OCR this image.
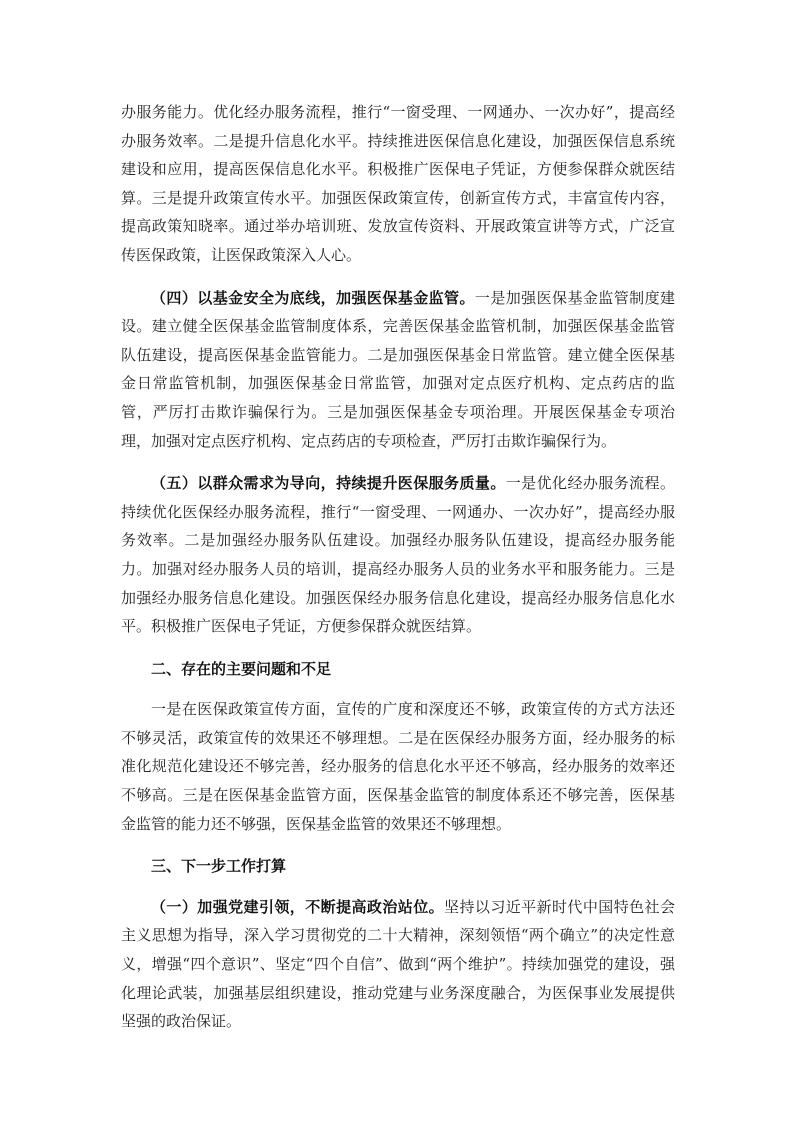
办服务能力。优化经办服务流程，推行“一窗受理、一网通办、一次办好”，提高经办服务效率。二是提升信息化水平。持续推进医保信息化建设，加强医保信息系统建设和应用，提高医保信息化水平。积极推广医保电子凭证，方便参保群众就医结算。三是提升政策宣传水平。加强医保政策宣传，创新宣传方式，丰富宣传内容，提高政策知晓率。通过举办培训班、发放宣传资料、开展政策宣讲等方式，广泛宣传医保政策，让医保政策深入人心。

（四）以基金安全为底线，加强医保基金监管。一是加强医保基金监管制度建设。建立健全医保基金监管制度体系，完善医保基金监管机制，加强医保基金监管队伍建设，提高医保基金监管能力。二是加强医保基金日常监管。建立健全医保基金日常监管机制，加强医保基金日常监管，加强对定点医疗机构、定点药店的监管，严厉打击欺诈骗保行为。三是加强医保基金专项治理。开展医保基金专项治理，加强对定点医疗机构、定点药店的专项检查，严厉打击欺诈骗保行为。

（五）以群众需求为导向，持续提升医保服务质量。一是优化经办服务流程。持续优化医保经办服务流程，推行“一窗受理、一网通办、一次办好”，提高经办服务效率。二是加强经办服务队伍建设。加强经办服务队伍建设，提高经办服务能力。加强对经办服务人员的培训，提高经办服务人员的业务水平和服务能力。三是加强经办服务信息化建设。加强医保经办服务信息化建设，提高经办服务信息化水平。积极推广医保电子凭证，方便参保群众就医结算。

二、存在的主要问题和不足

一是在医保政策宣传方面，宣传的广度和深度还不够，政策宣传的方式方法还不够灵活，政策宣传的效果还不够理想。二是在医保经办服务方面，经办服务的标准化规范化建设还不够完善，经办服务的信息化水平还不够高，经办服务的效率还不够高。三是在医保基金监管方面，医保基金监管的制度体系还不够完善，医保基金监管的能力还不够强，医保基金监管的效果还不够理想。

三、下一步工作打算

（一）加强党建引领，不断提高政治站位。坚持以习近平新时代中国特色社会主义思想为指导，深入学习贯彻党的二十大精神，深刻领悟“两个确立”的决定性意义，增强“四个意识”、坚定“四个自信”、做到“两个维护”。持续加强党的建设，强化理论武装，加强基层组织建设，推动党建与业务深度融合，为医保事业发展提供坚强的政治保证。
